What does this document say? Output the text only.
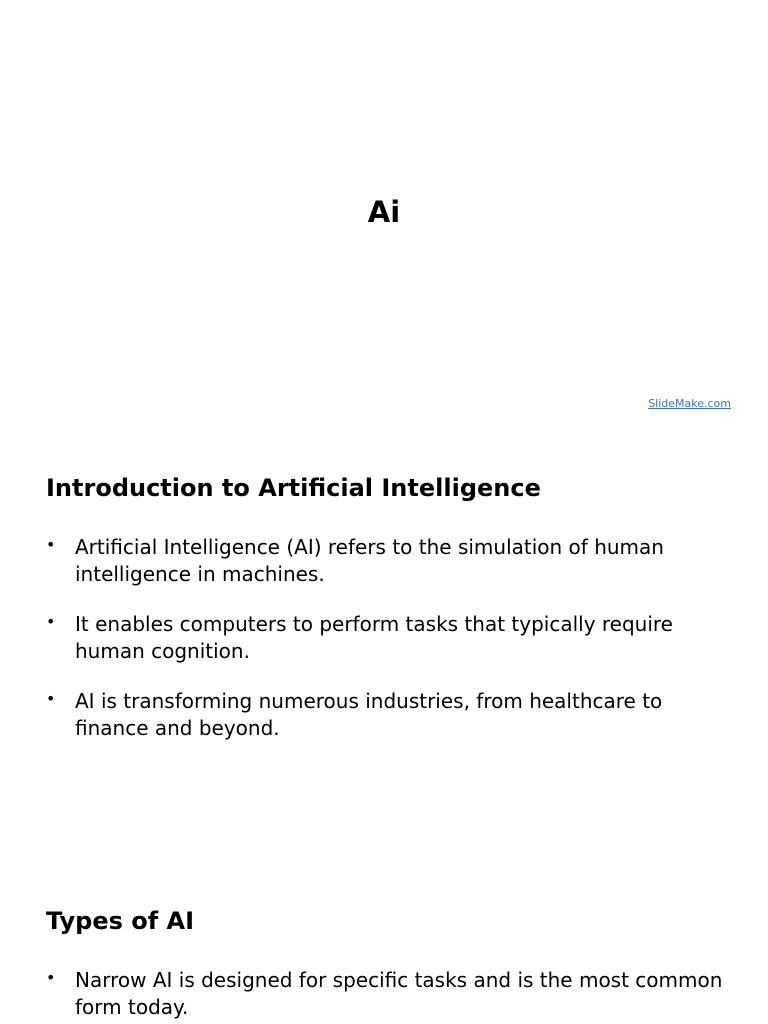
Ai
SlideMake.com
Introduction to Artificial Intelligence
• Artificial Intelligence (AI) refers to the simulation of human intelligence in machines.
• It enables computers to perform tasks that typically require human cognition.
• AI is transforming numerous industries, from healthcare to finance and beyond.
Types of AI
• Narrow AI is designed for specific tasks and is the most common form today.
